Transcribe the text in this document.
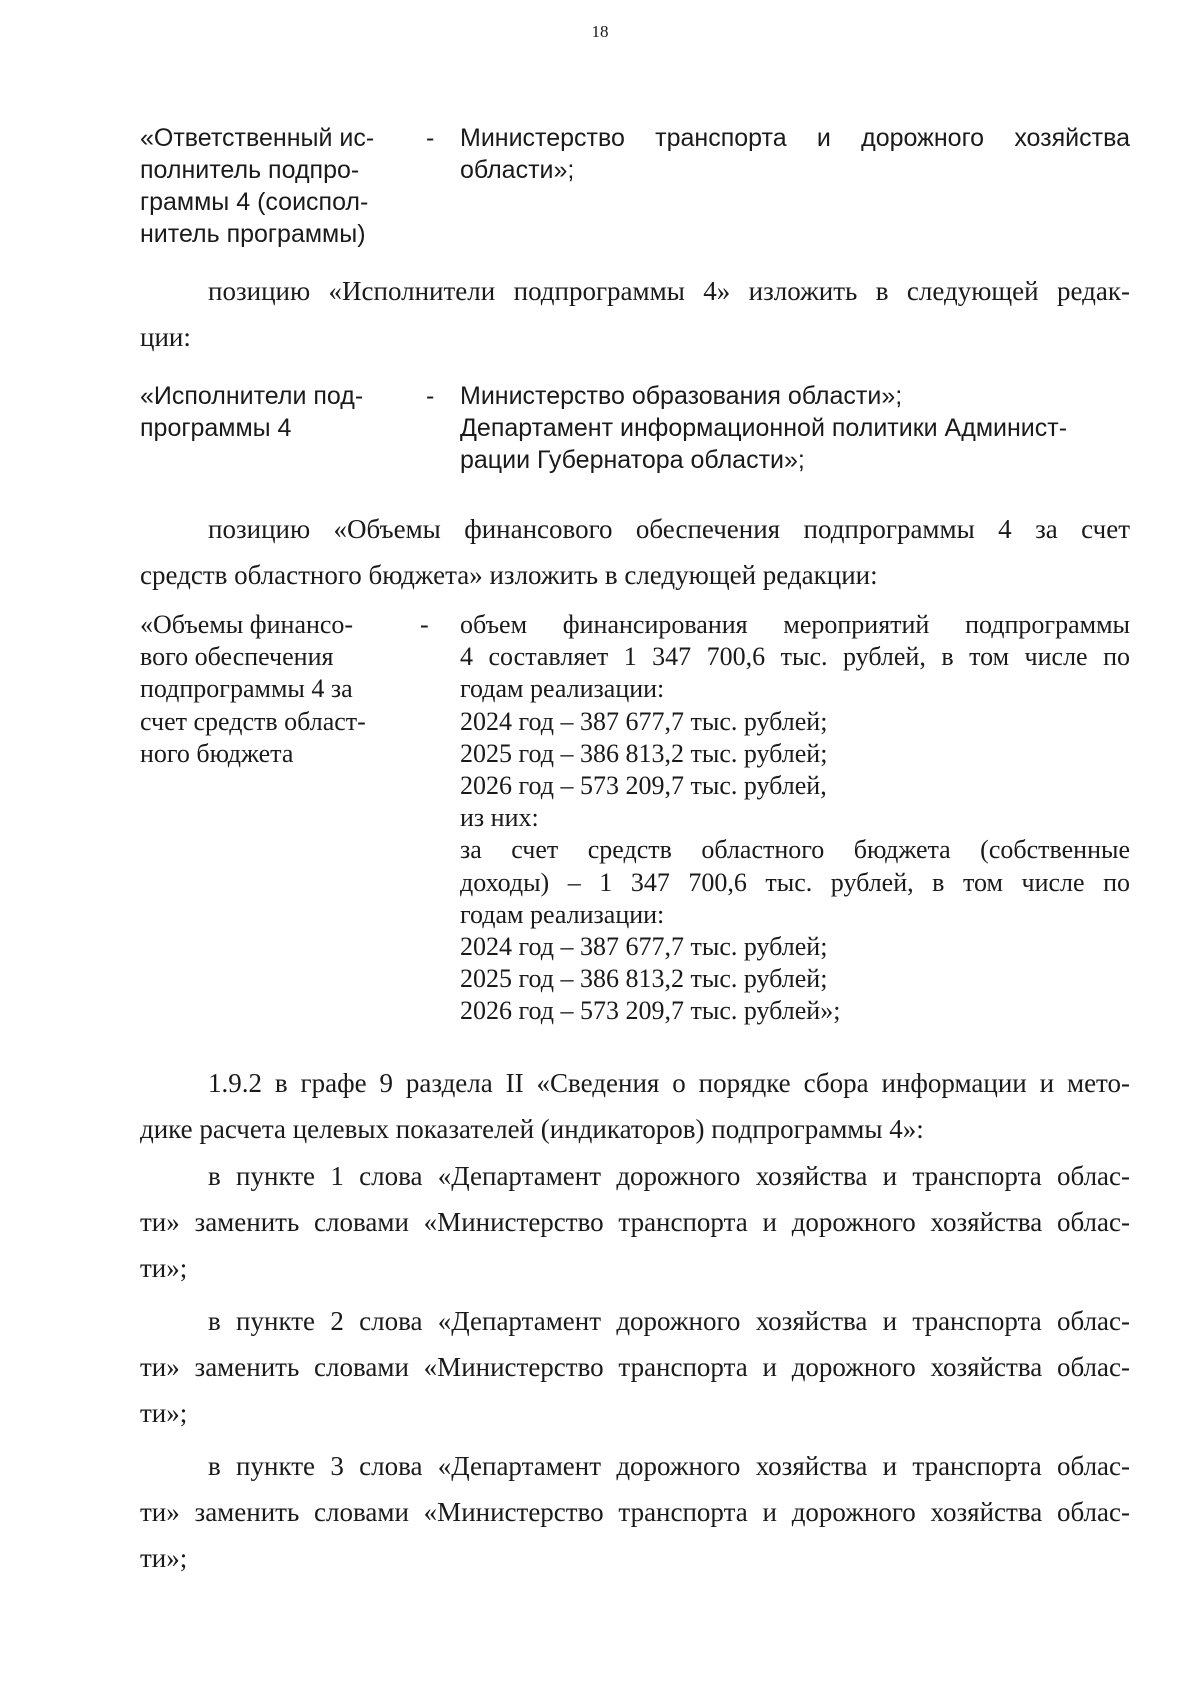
18
«Ответственный ис-
полнитель подпро-
граммы 4 (соиспол-
нитель программы)
-	Министерство транспорта и дорожного хозяйства
области»;
позицию «Исполнители подпрограммы 4» изложить в следующей редак-
ции:
«Исполнители под-
программы 4
-	Министерство образования области»;
Департамент информационной политики Админист-
рации Губернатора области»;
позицию «Объемы финансового обеспечения подпрограммы 4 за счет
средств областного бюджета» изложить в следующей редакции:
«Объемы финансо-
вого обеспечения
подпрограммы 4 за
счет средств област-
ного бюджета
-	объем финансирования мероприятий подпрограммы
4 составляет 1 347 700,6 тыс. рублей, в том числе по
годам реализации:
2024 год – 387 677,7 тыс. рублей;
2025 год – 386 813,2 тыс. рублей;
2026 год – 573 209,7 тыс. рублей,
из них:
за счет средств областного бюджета (собственные
доходы) – 1 347 700,6 тыс. рублей, в том числе по
годам реализации:
2024 год – 387 677,7 тыс. рублей;
2025 год – 386 813,2 тыс. рублей;
2026 год – 573 209,7 тыс. рублей»;
1.9.2 в графе 9 раздела II «Сведения о порядке сбора информации и мето-
дике расчета целевых показателей (индикаторов) подпрограммы 4»:
в пункте 1 слова «Департамент дорожного хозяйства и транспорта облас-
ти» заменить словами «Министерство транспорта и дорожного хозяйства облас-
ти»;
в пункте 2 слова «Департамент дорожного хозяйства и транспорта облас-
ти» заменить словами «Министерство транспорта и дорожного хозяйства облас-
ти»;
в пункте 3 слова «Департамент дорожного хозяйства и транспорта облас-
ти» заменить словами «Министерство транспорта и дорожного хозяйства облас-
ти»;
